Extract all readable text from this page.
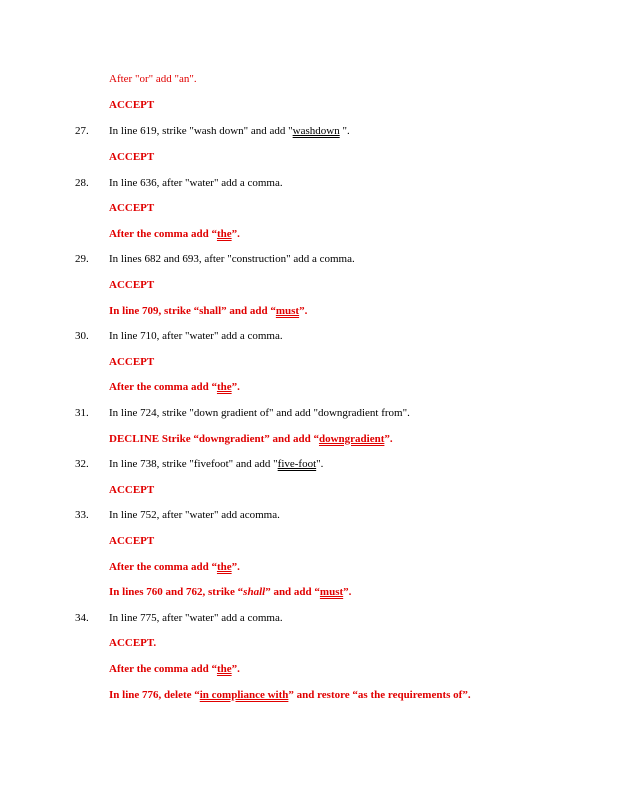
After "or" add "an".
ACCEPT
27.	In line 619, strike "wash down" and add "washdown ".
ACCEPT
28.	In line 636, after "water" add a comma.
ACCEPT
After the comma add “the”.
29.	In lines 682 and 693, after "construction" add a comma.
ACCEPT
In line 709, strike “shall” and add “must”.
30.	In line 710, after "water" add a comma.
ACCEPT
After the comma add “the”.
31.	In line 724, strike "down gradient of" and add "downgradient from".
DECLINE Strike “downgradient” and add “downgradient”.
32.	In line 738, strike "fivefoot" and add "five-foot".
ACCEPT
33.	In line 752, after "water" add acomma.
ACCEPT
After the comma add “the”.
In lines 760 and 762, strike “shall” and add “must”.
34.	In line 775, after "water" add a comma.
ACCEPT.
After the comma add “the”.
In line 776, delete “in compliance with” and restore “as the requirements of”.
